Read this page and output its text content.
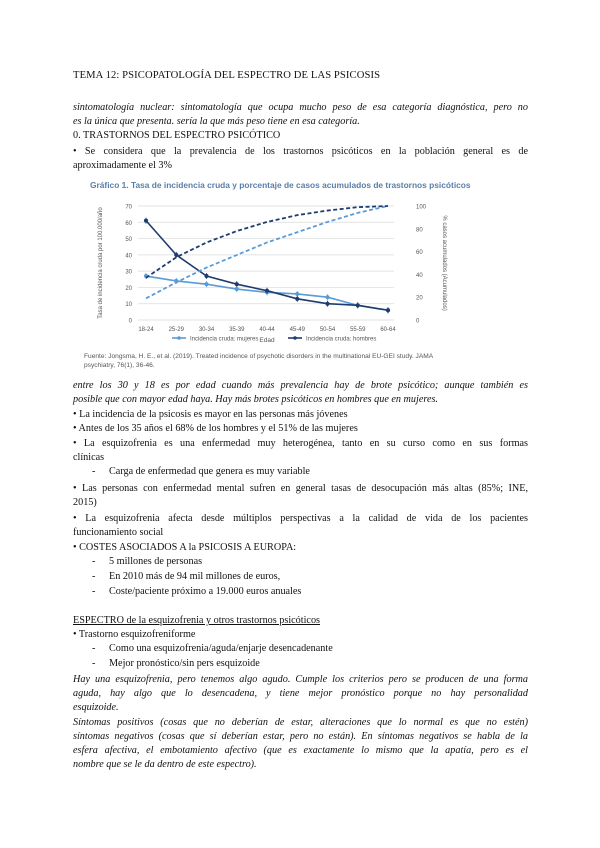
TEMA 12: PSICOPATOLOGÍA DEL ESPECTRO DE LAS PSICOSIS
sintomatología nuclear: sintomatología que ocupa mucho peso de esa categoría diagnóstica, pero no
es la única que presenta. sería la que más peso tiene en esa categoría.
0. TRASTORNOS DEL ESPECTRO PSICÓTICO
• Se considera que la prevalencia de los trastornos psicóticos en la población general es de
aproximadamente el 3%
Gráfico 1. Tasa de incidencia cruda y porcentaje de casos acumulados de trastornos psicóticos
0
10
20
30
40
50
60
70
0
20
40
60
80
100
18-24 25-29 30-34 35-39 40-44 45-49 50-54 55-59 60-64
Edad
Tasa de incidencia cruda por 100.000/año	% casos acumulados (Acumulados)
Incidencia cruda: mujeres	Incidencia cruda: hombres
Fuente: Jongsma, H. E., et al. (2019). Treated incidence of psychotic disorders in the multinational EU-GEI study. JAMA
psychiatry, 76(1), 36-46.
entre los 30 y 18 es por edad cuando más prevalencia hay de brote psicótico; aunque también es
posible que con mayor edad haya. Hay más brotes psicóticos en hombres que en mujeres.
• La incidencia de la psicosis es mayor en las personas más jóvenes
• Antes de los 35 años el 68% de los hombres y el 51% de las mujeres
• La esquizofrenia es una enfermedad muy heterogénea, tanto en su curso como en sus formas
clínicas
- Carga de enfermedad que genera es muy variable
• Las personas con enfermedad mental sufren en general tasas de desocupación más altas (85%; INE,
2015)
• La esquizofrenia afecta desde múltiplos perspectivas a la calidad de vida de los pacientes
funcionamiento social
• COSTES ASOCIADOS A la PSICOSIS A EUROPA:
- 5 millones de personas
- En 2010 más de 94 mil millones de euros,
- Coste/paciente próximo a 19.000 euros anuales
ESPECTRO de la esquizofrenia y otros trastornos psicóticos
• Trastorno esquizofreniforme
- Como una esquizofrenia/aguda/enjarje desencadenante
- Mejor pronóstico/sin pers esquizoide
Hay una esquizofrenia, pero tenemos algo agudo. Cumple los criterios pero se producen de una forma
aguda, hay algo que lo desencadena, y tiene mejor pronóstico porque no hay personalidad
esquizoide.
Síntomas positivos (cosas que no deberían de estar, alteraciones que lo normal es que no estén)
síntomas negativos (cosas que sí deberían estar, pero no están). En síntomas negativos se habla de la
esfera afectiva, el embotamiento afectivo (que es exactamente lo mismo que la apatía, pero es el
nombre que se le da dentro de este espectro).
